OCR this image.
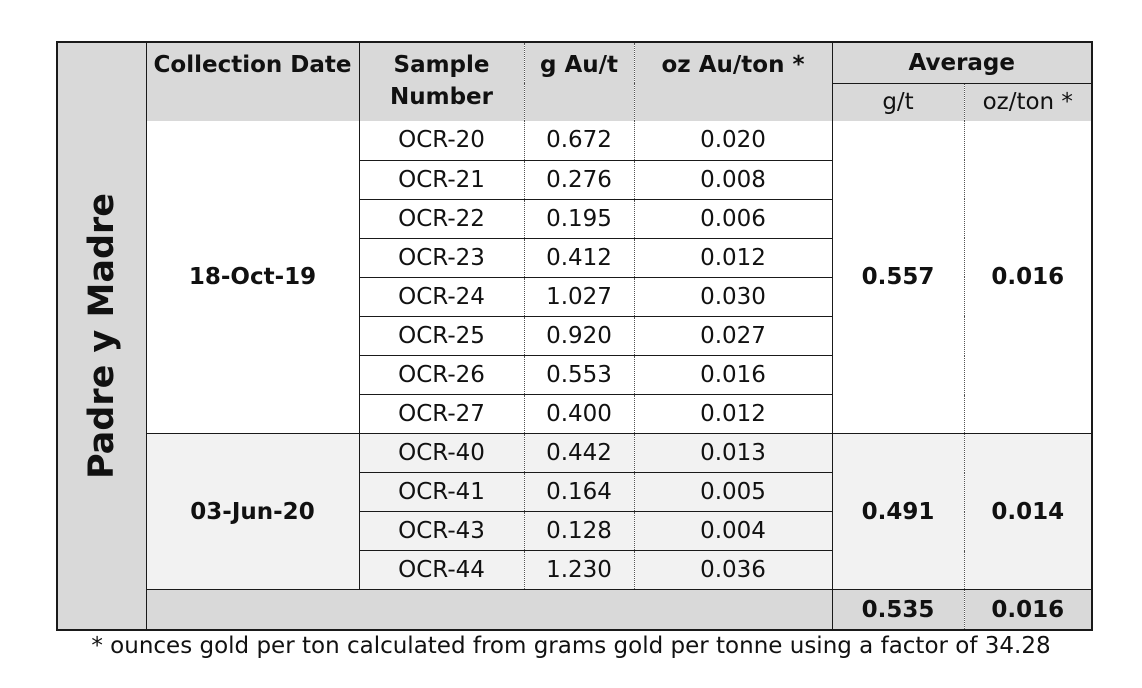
Padre y Madre	Collection Date	Sample Number	g Au/t	oz Au/ton *	Average	
					g/t	oz/ton *
	18-Oct-19	OCR-20	0.672	0.020	0.557	0.016
		OCR-21	0.276	0.008		
		OCR-22	0.195	0.006		
		OCR-23	0.412	0.012		
		OCR-24	1.027	0.030		
		OCR-25	0.920	0.027		
		OCR-26	0.553	0.016		
		OCR-27	0.400	0.012		
	03-Jun-20	OCR-40	0.442	0.013	0.491	0.014
		OCR-41	0.164	0.005		
		OCR-43	0.128	0.004		
		OCR-44	1.230	0.036		
					0.535	0.016
* ounces gold per ton calculated from grams gold per tonne using a factor of 34.28
